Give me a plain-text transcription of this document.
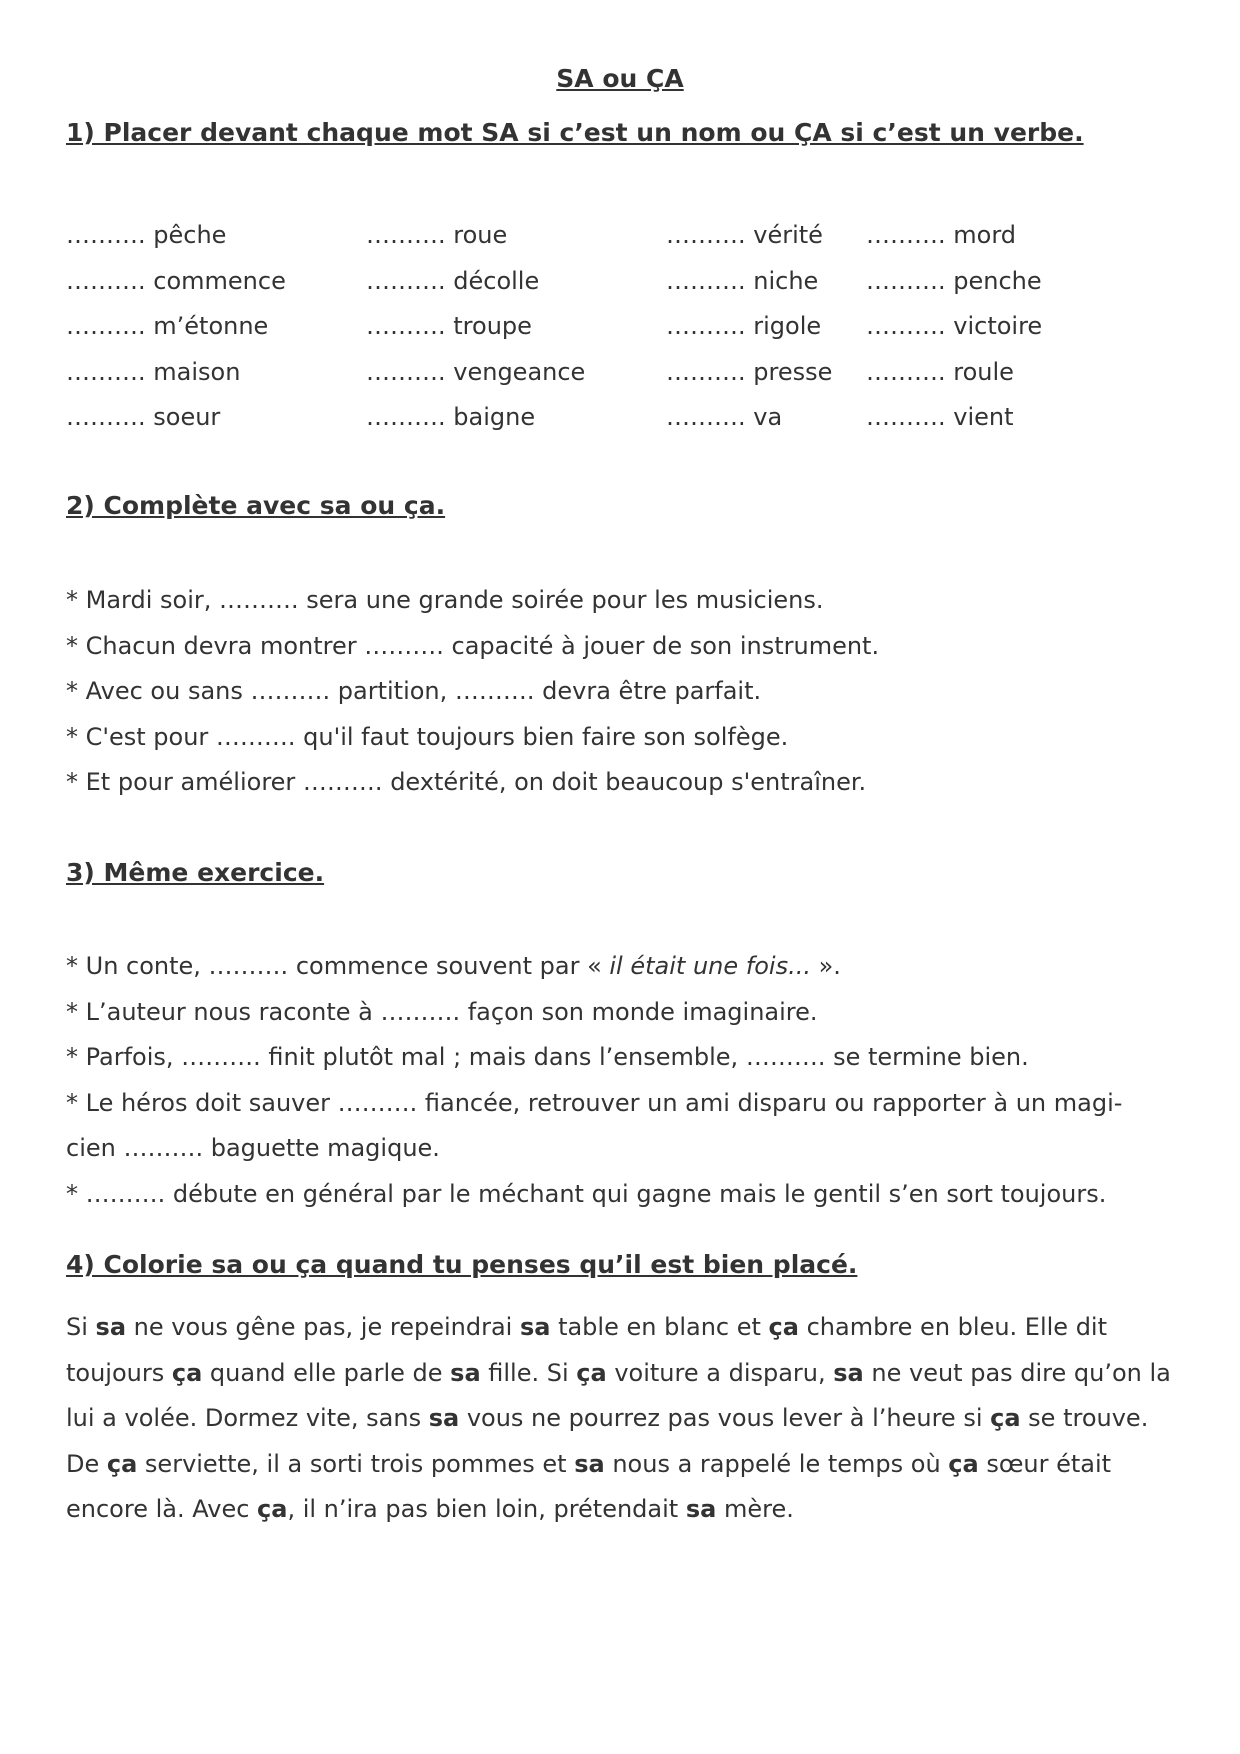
SA ou ÇA
1) Placer devant chaque mot SA si c’est un nom ou ÇA si c’est un verbe.
………. pêche
………. commence
………. m’étonne
………. maison
………. soeur
………. roue
………. décolle
………. troupe
………. vengeance
………. baigne
………. vérité
………. niche
………. rigole
………. presse
………. va
………. mord
………. penche
………. victoire
………. roule
………. vient
2) Complète avec sa ou ça.
* Mardi soir, ………. sera une grande soirée pour les musiciens.
* Chacun devra montrer ………. capacité à jouer de son instrument.
* Avec ou sans ………. partition, ………. devra être parfait.
* C'est pour ………. qu'il faut toujours bien faire son solfège.
* Et pour améliorer ………. dextérité, on doit beaucoup s'entraîner.
3) Même exercice.
* Un conte, ………. commence souvent par « il était une fois... ».
* L’auteur nous raconte à ………. façon son monde imaginaire.
* Parfois, ………. finit plutôt mal ; mais dans l’ensemble, ………. se termine bien.
* Le héros doit sauver ………. fiancée, retrouver un ami disparu ou rapporter à un magi-
cien ………. baguette magique.
* ………. débute en général par le méchant qui gagne mais le gentil s’en sort toujours.
4) Colorie sa ou ça quand tu penses qu’il est bien placé.
Si sa ne vous gêne pas, je repeindrai sa table en blanc et ça chambre en bleu. Elle dit toujours ça quand elle parle de sa fille. Si ça voiture a disparu, sa ne veut pas dire qu’on la lui a volée. Dormez vite, sans sa vous ne pourrez pas vous lever à l’heure si ça se trouve. De ça serviette, il a sorti trois pommes et sa nous a rappelé le temps où ça sœur était encore là. Avec ça, il n’ira pas bien loin, prétendait sa mère.
